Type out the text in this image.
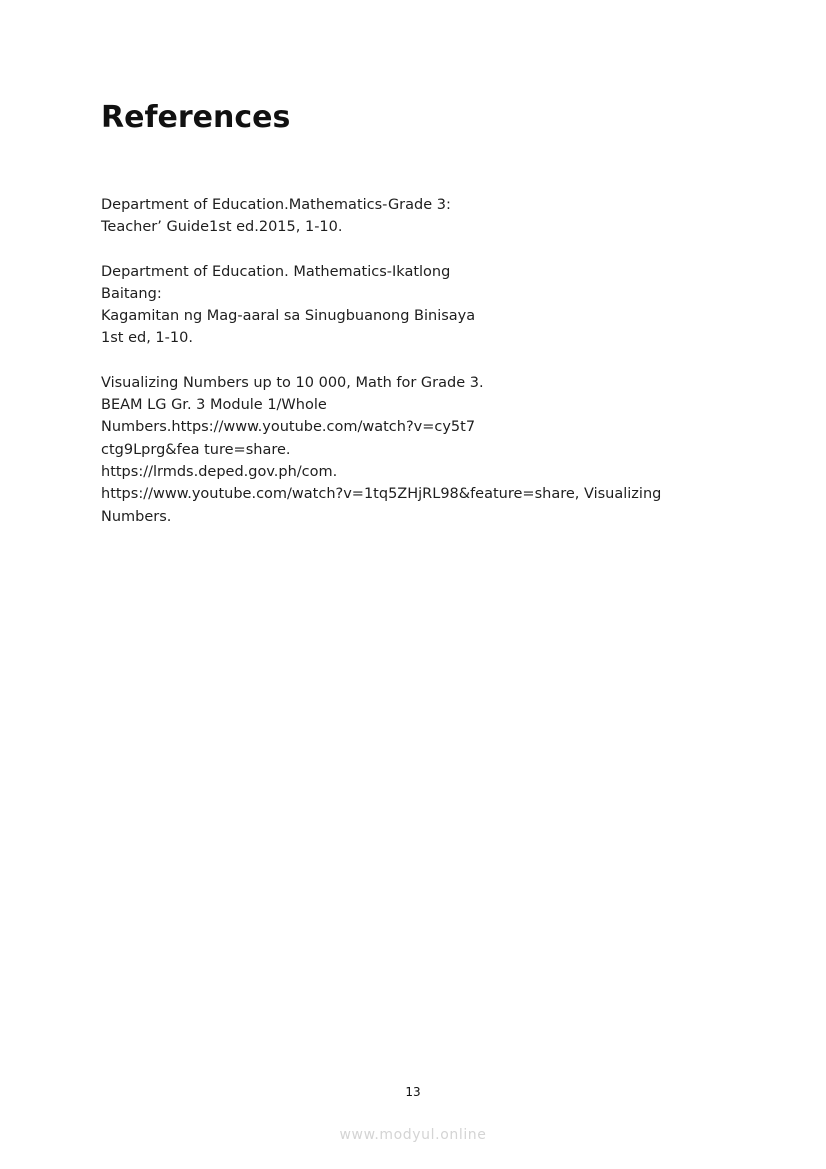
References
Department of Education.Mathematics-Grade 3:
Teacher’ Guide1st ed.2015, 1-10.
Department of Education. Mathematics-Ikatlong
Baitang:
Kagamitan ng Mag-aaral sa Sinugbuanong Binisaya
1st ed, 1-10.
Visualizing Numbers up to 10 000, Math for Grade 3.
BEAM LG Gr. 3 Module 1/Whole
Numbers.https://www.youtube.com/watch?v=cy5t7
ctg9Lprg&fea ture=share.
https://lrmds.deped.gov.ph/com.
https://www.youtube.com/watch?v=1tq5ZHjRL98&feature=share, Visualizing
Numbers.
13
www.modyul.online
